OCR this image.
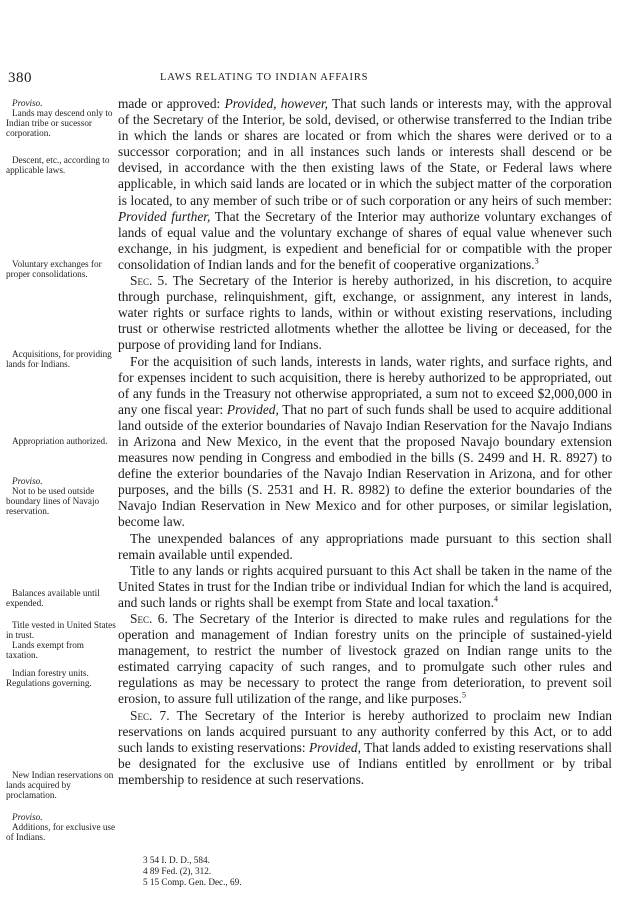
380	LAWS RELATING TO INDIAN AFFAIRS
Proviso.
Lands may descend only to Indian tribe or sucessor corporation.
Descent, etc., according to applicable laws.
Voluntary exchanges for proper consolidations.
Acquisitions, for providing lands for Indians.
Appropriation authorized.
Proviso.
Not to be used outside boundary lines of Navajo reservation.
Balances available until expended.
Title vested in United States in trust.
Lands exempt from taxation.
Indian forestry units. Regulations governing.
New Indian reservations on lands acquired by proclamation.
Proviso.
Additions, for exclusive use of Indians.

made or approved: Provided, however, That such lands or interests may, with the approval of the Secretary of the Interior, be sold, devised, or otherwise transferred to the Indian tribe in which the lands or shares are located or from which the shares were derived or to a successor corporation; and in all instances such lands or interests shall descend or be devised, in accordance with the then existing laws of the State, or Federal laws where applicable, in which said lands are located or in which the subject matter of the corporation is located, to any member of such tribe or of such corporation or any heirs of such member: Provided further, That the Secretary of the Interior may authorize voluntary exchanges of lands of equal value and the voluntary exchange of shares of equal value whenever such exchange, in his judgment, is expedient and beneficial for or compatible with the proper consolidation of Indian lands and for the benefit of cooperative organizations.$^3$

Sec. 5. The Secretary of the Interior is hereby authorized, in his discretion, to acquire through purchase, relinquishment, gift, exchange, or assignment, any interest in lands, water rights or surface rights to lands, within or without existing reservations, including trust or otherwise restricted allotments whether the allottee be living or deceased, for the purpose of providing land for Indians.

For the acquisition of such lands, interests in lands, water rights, and surface rights, and for expenses incident to such acquisition, there is hereby authorized to be appropriated, out of any funds in the Treasury not otherwise appropriated, a sum not to exceed $2,000,000 in any one fiscal year: Provided, That no part of such funds shall be used to acquire additional land outside of the exterior boundaries of Navajo Indian Reservation for the Navajo Indians in Arizona and New Mexico, in the event that the proposed Navajo boundary extension measures now pending in Congress and embodied in the bills (S. 2499 and H. R. 8927) to define the exterior boundaries of the Navajo Indian Reservation in Arizona, and for other purposes, and the bills (S. 2531 and H. R. 8982) to define the exterior boundaries of the Navajo Indian Reservation in New Mexico and for other purposes, or similar legislation, become law.

The unexpended balances of any appropriations made pursuant to this section shall remain available until expended.

Title to any lands or rights acquired pursuant to this Act shall be taken in the name of the United States in trust for the Indian tribe or individual Indian for which the land is acquired, and such lands or rights shall be exempt from State and local taxation.$^4$

Sec. 6. The Secretary of the Interior is directed to make rules and regulations for the operation and management of Indian forestry units on the principle of sustained-yield management, to restrict the number of livestock grazed on Indian range units to the estimated carrying capacity of such ranges, and to promulgate such other rules and regulations as may be necessary to protect the range from deterioration, to prevent soil erosion, to assure full utilization of the range, and like purposes.$^5$

Sec. 7. The Secretary of the Interior is hereby authorized to proclaim new Indian reservations on lands acquired pursuant to any authority conferred by this Act, or to add such lands to existing reservations: Provided, That lands added to existing reservations shall be designated for the exclusive use of Indians entitled by enrollment or by tribal membership to residence at such reservations.

3 54 I. D. D., 584.
4 89 Fed. (2), 312.
5 15 Comp. Gen. Dec., 69.
